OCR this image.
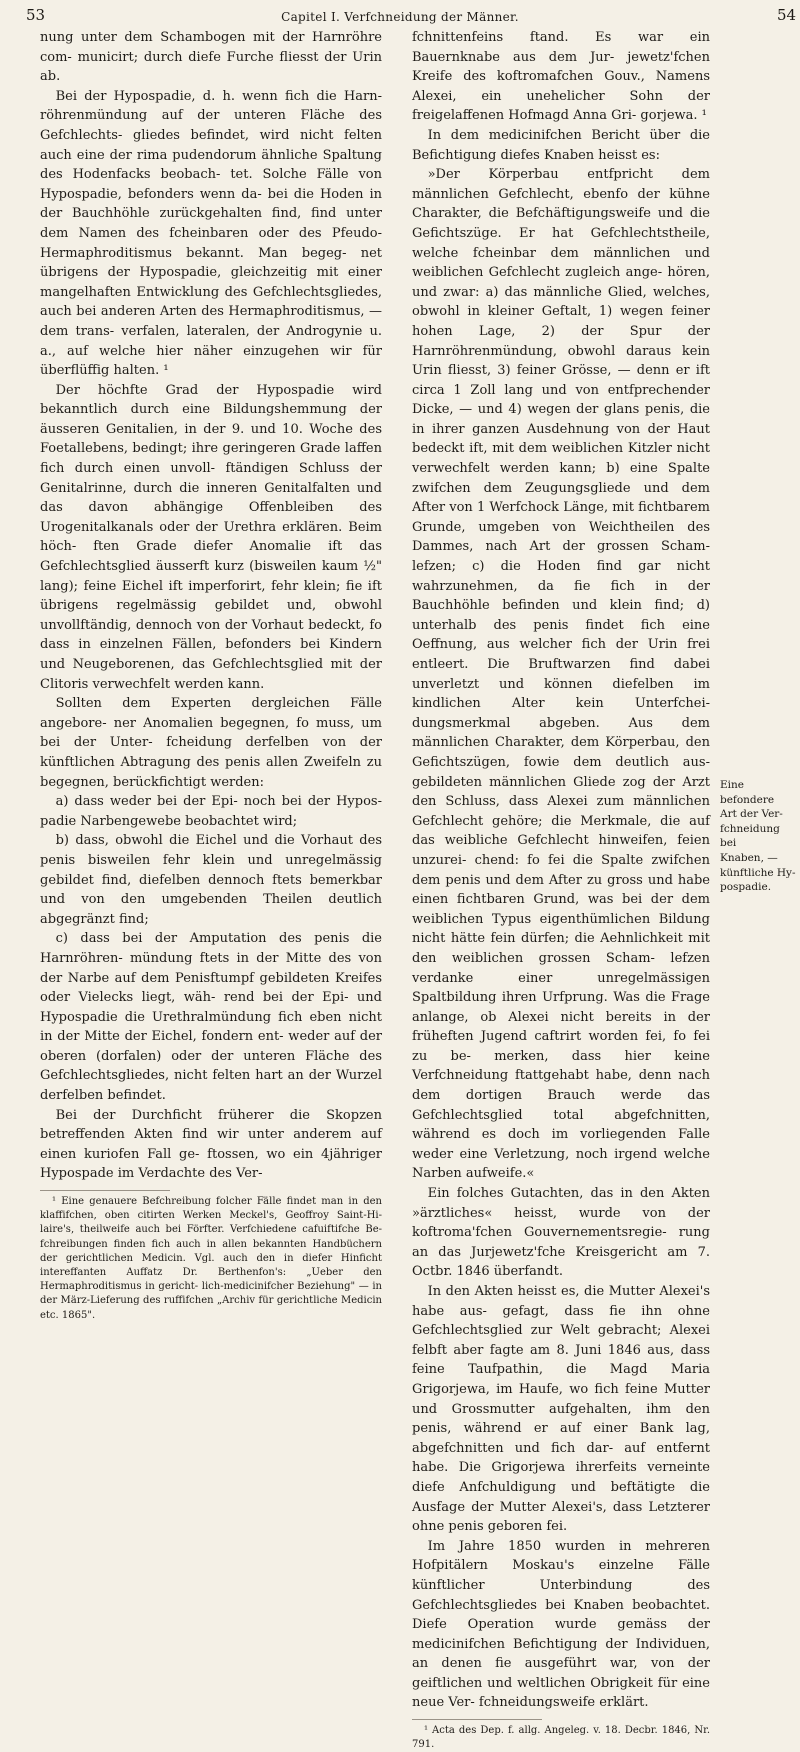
53	Capitel I. Verfchneidung der Männer.	54

nung unter dem Schambogen mit der Harnröhre com- municirt; durch diefe Furche fliesst der Urin ab.

Bei der Hypospadie, d. h. wenn fich die Harn- röhrenmündung auf der unteren Fläche des Gefchlechts- gliedes befindet, wird nicht felten auch eine der rima pudendorum ähnliche Spaltung des Hodenfacks beobach- tet. Solche Fälle von Hypospadie, befonders wenn da- bei die Hoden in der Bauchhöhle zurückgehalten find, find unter dem Namen des fcheinbaren oder des Pfeudo-Hermaphroditismus bekannt. Man begeg- net übrigens der Hypospadie, gleichzeitig mit einer mangelhaften Entwicklung des Gefchlechtsgliedes, auch bei anderen Arten des Hermaphroditismus, — dem trans- verfalen, lateralen, der Androgynie u. a., auf welche hier näher einzugehen wir für überflüffig halten. ¹

Der höchfte Grad der Hypospadie wird bekanntlich durch eine Bildungshemmung der äusseren Genitalien, in der 9. und 10. Woche des Foetallebens, bedingt; ihre geringeren Grade laffen fich durch einen unvoll- ftändigen Schluss der Genitalrinne, durch die inneren Genitalfalten und das davon abhängige Offenbleiben des Urogenitalkanals oder der Urethra erklären. Beim höch- ften Grade diefer Anomalie ift das Gefchlechtsglied äusserft kurz (bisweilen kaum ½" lang); feine Eichel ift imperforirt, fehr klein; fie ift übrigens regelmässig gebildet und, obwohl unvollftändig, dennoch von der Vorhaut bedeckt, fo dass in einzelnen Fällen, befonders bei Kindern und Neugeborenen, das Gefchlechtsglied mit der Clitoris verwechfelt werden kann.

Sollten dem Experten dergleichen Fälle angebore- ner Anomalien begegnen, fo muss, um bei der Unter- fcheidung derfelben von der künftlichen Abtragung des penis allen Zweifeln zu begegnen, berückfichtigt werden:

a) dass weder bei der Epi- noch bei der Hypos- padie Narbengewebe beobachtet wird;

b) dass, obwohl die Eichel und die Vorhaut des penis bisweilen fehr klein und unregelmässig gebildet find, diefelben dennoch ftets bemerkbar und von den umgebenden Theilen deutlich abgegränzt find;

c) dass bei der Amputation des penis die Harnröhren- mündung ftets in der Mitte des von der Narbe auf dem Penisftumpf gebildeten Kreifes oder Vielecks liegt, wäh- rend bei der Epi- und Hypospadie die Urethralmündung fich eben nicht in der Mitte der Eichel, fondern ent- weder auf der oberen (dorfalen) oder der unteren Fläche des Gefchlechtsgliedes, nicht felten hart an der Wurzel derfelben befindet.

Bei der Durchficht früherer die Skopzen betreffenden Akten find wir unter anderem auf einen kuriofen Fall ge- ftossen, wo ein 4jähriger Hypospade im Verdachte des Ver-

¹ Eine genauere Befchreibung folcher Fälle findet man in den klaffifchen, oben citirten Werken Meckel's, Geoffroy Saint-Hi- laire's, theilweife auch bei Förfter. Verfchiedene cafuiftifche Be- fchreibungen finden fich auch in allen bekannten Handbüchern der gerichtlichen Medicin. Vgl. auch den in diefer Hinficht intereffanten Auffatz Dr. Berthenfon's: „Ueber den Hermaphroditismus in gericht- lich-medicinifcher Beziehung" — in der März-Lieferung des ruffifchen „Archiv für gerichtliche Medicin etc. 1865".

fchnittenfeins ftand. Es war ein Bauernknabe aus dem Jur- jewetz'fchen Kreife des koftromafchen Gouv., Namens Alexei, ein unehelicher Sohn der freigelaffenen Hofmagd Anna Gri- gorjewa. ¹

In dem medicinifchen Bericht über die Befichtigung diefes Knaben heisst es:

»Der Körperbau entfpricht dem männlichen Gefchlecht, ebenfo der kühne Charakter, die Befchäftigungsweife und die Gefichtszüge. Er hat Gefchlechtstheile, welche fcheinbar dem männlichen und weiblichen Gefchlecht zugleich ange- hören, und zwar: a) das männliche Glied, welches, obwohl in kleiner Geftalt, 1) wegen feiner hohen Lage, 2) der Spur der Harnröhrenmündung, obwohl daraus kein Urin fliesst, 3) feiner Grösse, — denn er ift circa 1 Zoll lang und von entfprechender Dicke, — und 4) wegen der glans penis, die in ihrer ganzen Ausdehnung von der Haut bedeckt ift, mit dem weiblichen Kitzler nicht verwechfelt werden kann; b) eine Spalte zwifchen dem Zeugungsgliede und dem After von 1 Werfchock Länge, mit fichtbarem Grunde, umgeben von Weichtheilen des Dammes, nach Art der grossen Scham- lefzen; c) die Hoden find gar nicht wahrzunehmen, da fie fich in der Bauchhöhle befinden und klein find; d) unterhalb des penis findet fich eine Oeffnung, aus welcher fich der Urin frei entleert. Die Bruftwarzen find dabei unverletzt und können diefelben im kindlichen Alter kein Unterfchei- dungsmerkmal abgeben. Aus dem männlichen Charakter, dem Körperbau, den Gefichtszügen, fowie dem deutlich aus- gebildeten männlichen Gliede zog der Arzt den Schluss, dass Alexei zum männlichen Gefchlecht gehöre; die Merkmale, die auf das weibliche Gefchlecht hinweifen, feien unzurei- chend: fo fei die Spalte zwifchen dem penis und dem After zu gross und habe einen fichtbaren Grund, was bei der dem weiblichen Typus eigenthümlichen Bildung nicht hätte fein dürfen; die Aehnlichkeit mit den weiblichen grossen Scham- lefzen verdanke einer unregelmässigen Spaltbildung ihren Urfprung. Was die Frage anlange, ob Alexei nicht bereits in der früheften Jugend caftrirt worden fei, fo fei zu be- merken, dass hier keine Verfchneidung ftattgehabt habe, denn nach dem dortigen Brauch werde das Gefchlechtsglied total abgefchnitten, während es doch im vorliegenden Falle weder eine Verletzung, noch irgend welche Narben aufweife.«

Ein folches Gutachten, das in den Akten »ärztliches« heisst, wurde von der koftroma'fchen Gouvernementsregie- rung an das Jurjewetz'fche Kreisgericht am 7. Octbr. 1846 überfandt.

In den Akten heisst es, die Mutter Alexei's habe aus- gefagt, dass fie ihn ohne Gefchlechtsglied zur Welt gebracht; Alexei felbft aber fagte am 8. Juni 1846 aus, dass feine Taufpathin, die Magd Maria Grigorjewa, im Haufe, wo fich feine Mutter und Grossmutter aufgehalten, ihm den penis, während er auf einer Bank lag, abgefchnitten und fich dar- auf entfernt habe. Die Grigorjewa ihrerfeits verneinte diefe Anfchuldigung und beftätigte die Ausfage der Mutter Alexei's, dass Letzterer ohne penis geboren fei.

Im Jahre 1850 wurden in mehreren Hofpitälern Moskau's einzelne Fälle künftlicher Unterbindung des Gefchlechtsgliedes bei Knaben beobachtet. Diefe Operation wurde gemäss der medicinifchen Befichtigung der Individuen, an denen fie ausgeführt war, von der geiftlichen und weltlichen Obrigkeit für eine neue Ver- fchneidungsweife erklärt.

¹ Acta des Dep. f. allg. Angeleg. v. 18. Decbr. 1846, Nr. 791.

Eine befondere
Art der Ver-
fchneidung bei
Knaben, —
künftliche Hy-
pospadie.
